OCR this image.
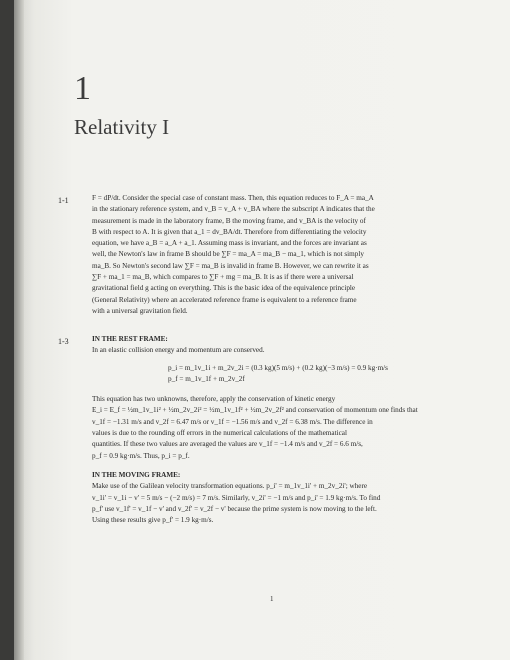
1
Relativity I
1-1	F = dP/dt. Consider the special case of constant mass. Then, this equation reduces to F_A = ma_A

in the stationary reference system, and v_B = v_A + v_BA where the subscript A indicates that the

measurement is made in the laboratory frame, B the moving frame, and v_BA is the velocity of

B with respect to A. It is given that a_1 = dv_BA/dt. Therefore from differentiating the velocity

equation, we have a_B = a_A + a_1. Assuming mass is invariant, and the forces are invariant as

well, the Newton's law in frame B should be ∑F = ma_A = ma_B − ma_1, which is not simply

ma_B. So Newton's second law ∑F = ma_B is invalid in frame B. However, we can rewrite it as

∑F + ma_1 = ma_B, which compares to ∑F + mg = ma_B. It is as if there were a universal

gravitational field g acting on everything. This is the basic idea of the equivalence principle

(General Relativity) where an accelerated reference frame is equivalent to a reference frame

with a universal gravitation field.

1-3	IN THE REST FRAME:

In an elastic collision energy and momentum are conserved.

p_i = m_1v_1i + m_2v_2i = (0.3 kg)(5 m/s) + (0.2 kg)(−3 m/s) = 0.9 kg·m/s

p_f = m_1v_1f + m_2v_2f

This equation has two unknowns, therefore, apply the conservation of kinetic energy

E_i = E_f = ½m_1v_1i² + ½m_2v_2i² = ½m_1v_1f² + ½m_2v_2f² and conservation of momentum one finds that

v_1f = −1.31 m/s and v_2f = 6.47 m/s or v_1f = −1.56 m/s and v_2f = 6.38 m/s. The difference in

values is due to the rounding off errors in the numerical calculations of the mathematical

quantities. If these two values are averaged the values are v_1f = −1.4 m/s and v_2f = 6.6 m/s,

p_f = 0.9 kg·m/s. Thus, p_i = p_f.

IN THE MOVING FRAME:

Make use of the Galilean velocity transformation equations. p_i' = m_1v_1i' + m_2v_2i'; where

v_1i' = v_1i − v' = 5 m/s − (−2 m/s) = 7 m/s. Similarly, v_2i' = −1 m/s and p_i' = 1.9 kg·m/s. To find

p_f' use v_1f' = v_1f − v' and v_2f' = v_2f − v' because the prime system is now moving to the left.

Using these results give p_f' = 1.9 kg·m/s.

1
